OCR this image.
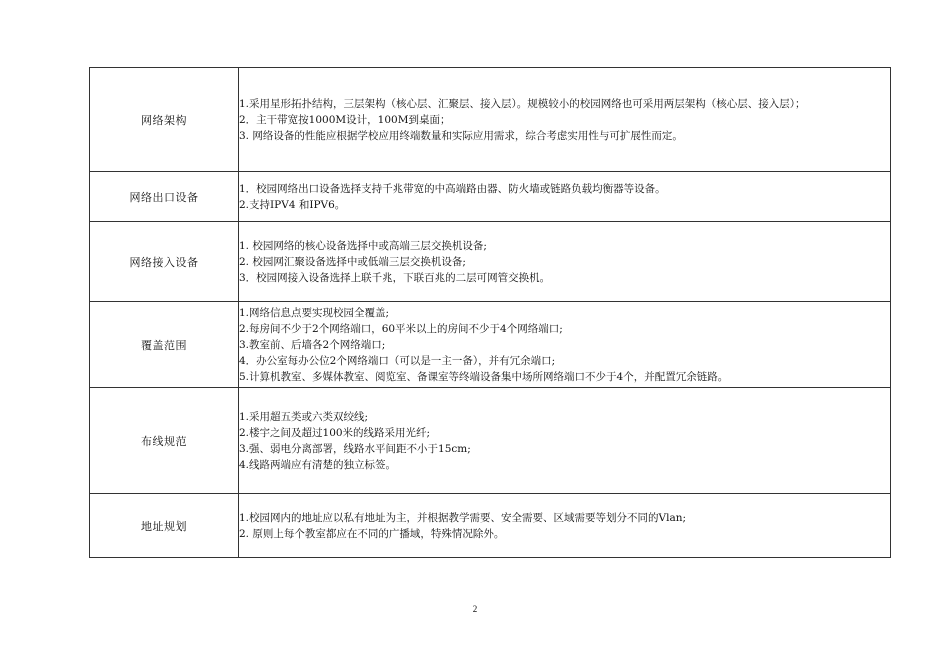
网络架构	1.采用星形拓扑结构，三层架构（核心层、汇聚层、接入层）。规模较小的校园网络也可采用两层架构（核心层、接入层）；
2．主干带宽按1000M设计，100M到桌面；
3. 网络设备的性能应根据学校应用终端数量和实际应用需求，综合考虑实用性与可扩展性而定。

网络出口设备	1．校园网络出口设备选择支持千兆带宽的中高端路由器、防火墙或链路负载均衡器等设备。
2.支持IPV4 和IPV6。

网络接入设备	1. 校园网络的核心设备选择中或高端三层交换机设备;
2. 校园网汇聚设备选择中或低端三层交换机设备;
3．校园网接入设备选择上联千兆，下联百兆的二层可网管交换机。

覆盖范围	1.网络信息点要实现校园全覆盖;
2.每房间不少于2个网络端口，60平米以上的房间不少于4个网络端口;
3.教室前、后墙各2个网络端口;
4．办公室每办公位2个网络端口（可以是一主一备），并有冗余端口;
5.计算机教室、多媒体教室、阅览室、备课室等终端设备集中场所网络端口不少于4个，并配置冗余链路。

布线规范	1.采用超五类或六类双绞线;
2.楼宇之间及超过100米的线路采用光纤;
3.强、弱电分离部署，线路水平间距不小于15cm;
4.线路两端应有清楚的独立标签。

地址规划	1.校园网内的地址应以私有地址为主，并根据教学需要、安全需要、区域需要等划分不同的Vlan;
2. 原则上每个教室都应在不同的广播域，特殊情况除外。
2
